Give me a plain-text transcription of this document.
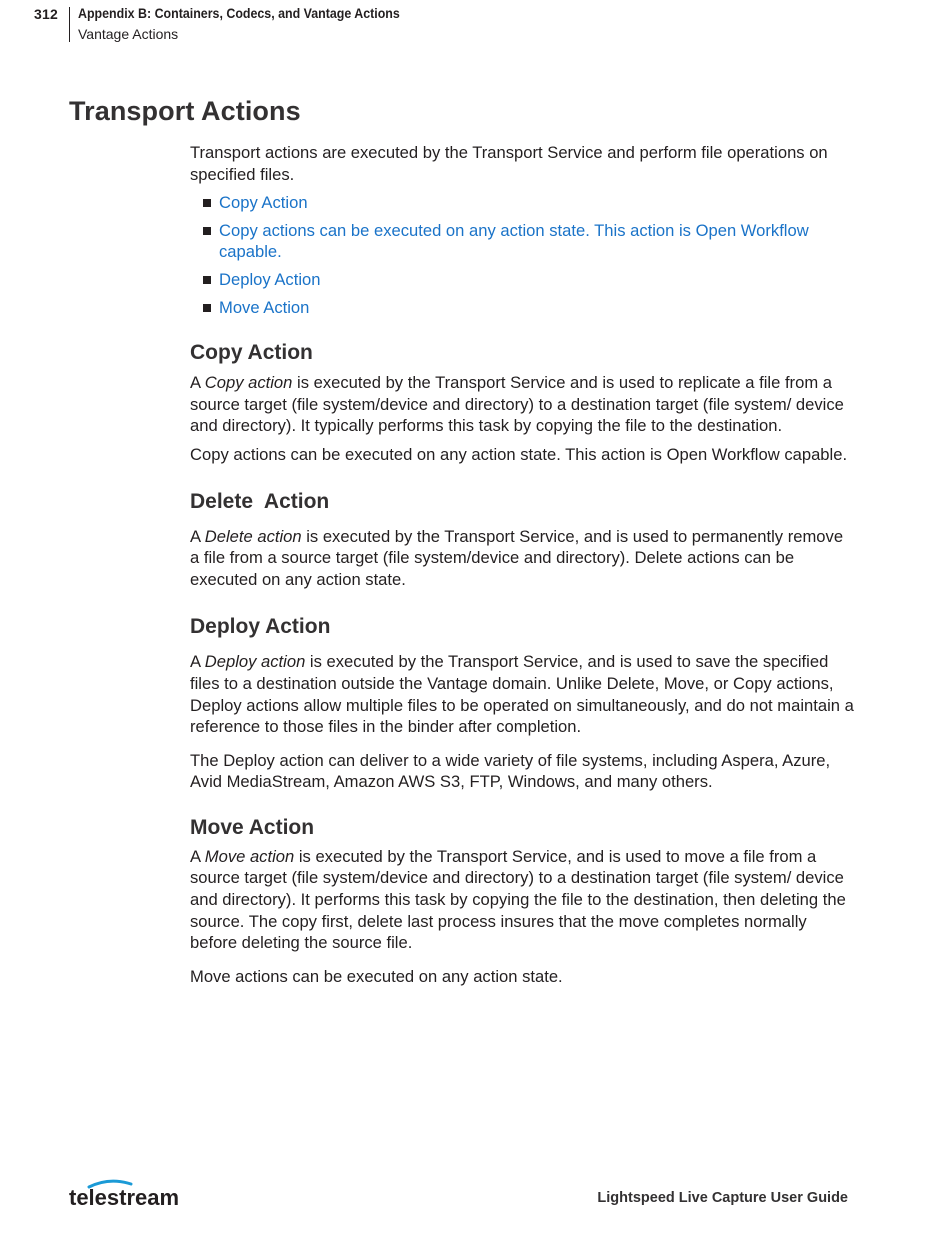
312 Appendix B: Containers, Codecs, and Vantage Actions
Vantage Actions
Transport Actions

Transport actions are executed by the Transport Service and perform file operations on specified files.

Copy Action
Copy actions can be executed on any action state. This action is Open Workflow capable.
Deploy Action
Move Action
Copy Action

A Copy action is executed by the Transport Service and is used to replicate a file from a source target (file system/device and directory) to a destination target (file system/ device and directory). It typically performs this task by copying the file to the destination.

Copy actions can be executed on any action state. This action is Open Workflow capable.

Delete  Action

A Delete action is executed by the Transport Service, and is used to permanently remove a file from a source target (file system/device and directory). Delete actions can be executed on any action state.

Deploy Action

A Deploy action is executed by the Transport Service, and is used to save the specified files to a destination outside the Vantage domain. Unlike Delete, Move, or Copy actions, Deploy actions allow multiple files to be operated on simultaneously, and do not maintain a reference to those files in the binder after completion.

The Deploy action can deliver to a wide variety of file systems, including Aspera, Azure, Avid MediaStream, Amazon AWS S3, FTP, Windows, and many others.

Move Action

A Move action is executed by the Transport Service, and is used to move a file from a source target (file system/device and directory) to a destination target (file system/ device and directory). It performs this task by copying the file to the destination, then deleting the source. The copy first, delete last process insures that the move completes normally before deleting the source file.

Move actions can be executed on any action state.

telestream	Lightspeed Live Capture User Guide
